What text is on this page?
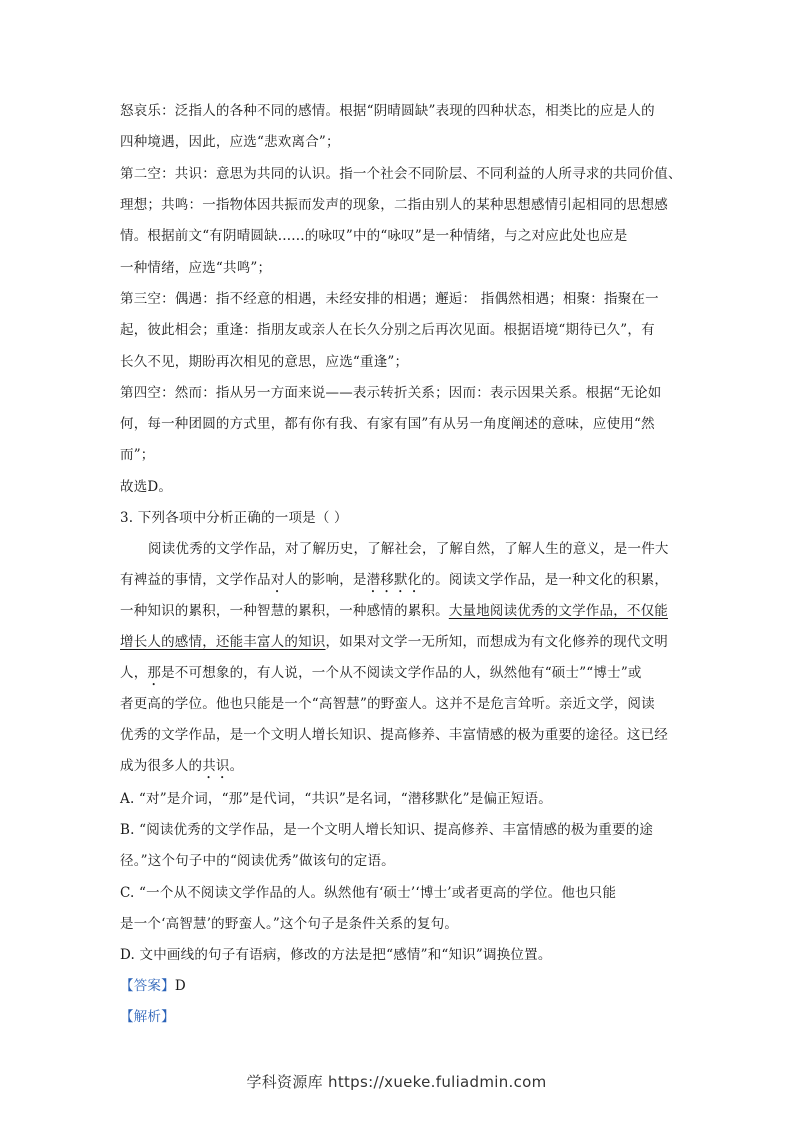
怒哀乐：泛指人的各种不同的感情。根据“阴晴圆缺”表现的四种状态，相类比的应是人的
四种境遇，因此，应选“悲欢离合”；
第二空：共识：意思为共同的认识。指一个社会不同阶层、不同利益的人所寻求的共同价值、
理想；共鸣：一指物体因共振而发声的现象，二指由别人的某种思想感情引起相同的思想感
情。根据前文“有阴晴圆缺......的咏叹”中的“咏叹”是一种情绪，与之对应此处也应是
一种情绪，应选“共鸣”；
第三空：偶遇：指不经意的相遇，未经安排的相遇；邂逅： 指偶然相遇；相聚：指聚在一
起，彼此相会；重逢：指朋友或亲人在长久分别之后再次见面。根据语境“期待已久”，有
长久不见，期盼再次相见的意思，应选“重逢”；
第四空：然而：指从另一方面来说——表示转折关系；因而：表示因果关系。根据“无论如
何，每一种团圆的方式里，都有你有我、有家有国”有从另一角度阐述的意味，应使用“然
而”；
故选D。
3. 下列各项中分析正确的一项是（ ）
阅读优秀的文学作品，对了解历史，了解社会，了解自然，了解人生的意义，是一件大
有裨益的事情，文学作品对人的影响，是潜移默化的。阅读文学作品，是一种文化的积累，
一种知识的累积，一种智慧的累积，一种感情的累积。大量地阅读优秀的文学作品，不仅能
增长人的感情，还能丰富人的知识，如果对文学一无所知，而想成为有文化修养的现代文明
人，那是不可想象的，有人说，一个从不阅读文学作品的人，纵然他有“硕士”“博士”或
者更高的学位。他也只能是一个“高智慧”的野蛮人。这并不是危言耸听。亲近文学，阅读
优秀的文学作品，是一个文明人增长知识、提高修养、丰富情感的极为重要的途径。这已经
成为很多人的共识。
A. “对”是介词，“那”是代词，“共识”是名词，“潜移默化”是偏正短语。
B. “阅读优秀的文学作品，是一个文明人增长知识、提高修养、丰富情感的极为重要的途
径。”这个句子中的“阅读优秀”做该句的定语。
C. “一个从不阅读文学作品的人。纵然他有‘硕士’‘博士’或者更高的学位。他也只能
是一个‘高智慧’的野蛮人。”这个句子是条件关系的复句。
D. 文中画线的句子有语病，修改的方法是把“感情”和“知识”调换位置。
【答案】D
【解析】
学科资源库 https://xueke.fuliadmin.com
